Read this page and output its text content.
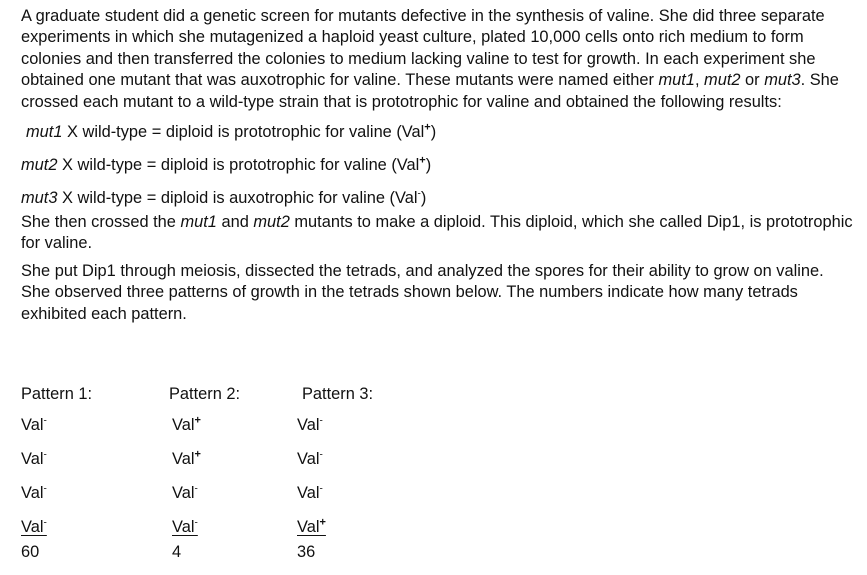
A graduate student did a genetic screen for mutants defective in the synthesis of valine. She did three separate experiments in which she mutagenized a haploid yeast culture, plated 10,000 cells onto rich medium to form colonies and then transferred the colonies to medium lacking valine to test for growth. In each experiment she obtained one mutant that was auxotrophic for valine. These mutants were named either mut1, mut2 or mut3. She crossed each mutant to a wild-type strain that is prototrophic for valine and obtained the following results:

mut1 X wild-type = diploid is prototrophic for valine (Val+)

mut2 X wild-type = diploid is prototrophic for valine (Val+)

mut3 X wild-type = diploid is auxotrophic for valine (Val-)

She then crossed the mut1 and mut2 mutants to make a diploid. This diploid, which she called Dip1, is prototrophic for valine.

She put Dip1 through meiosis, dissected the tetrads, and analyzed the spores for their ability to grow on valine. She observed three patterns of growth in the tetrads shown below. The numbers indicate how many tetrads exhibited each pattern.

Pattern 1:
Val-
Val-
Val-
Val-
60
Pattern 2:
Val+
Val+
Val-
Val-
4
Pattern 3:
Val-
Val-
Val-
Val+
36
